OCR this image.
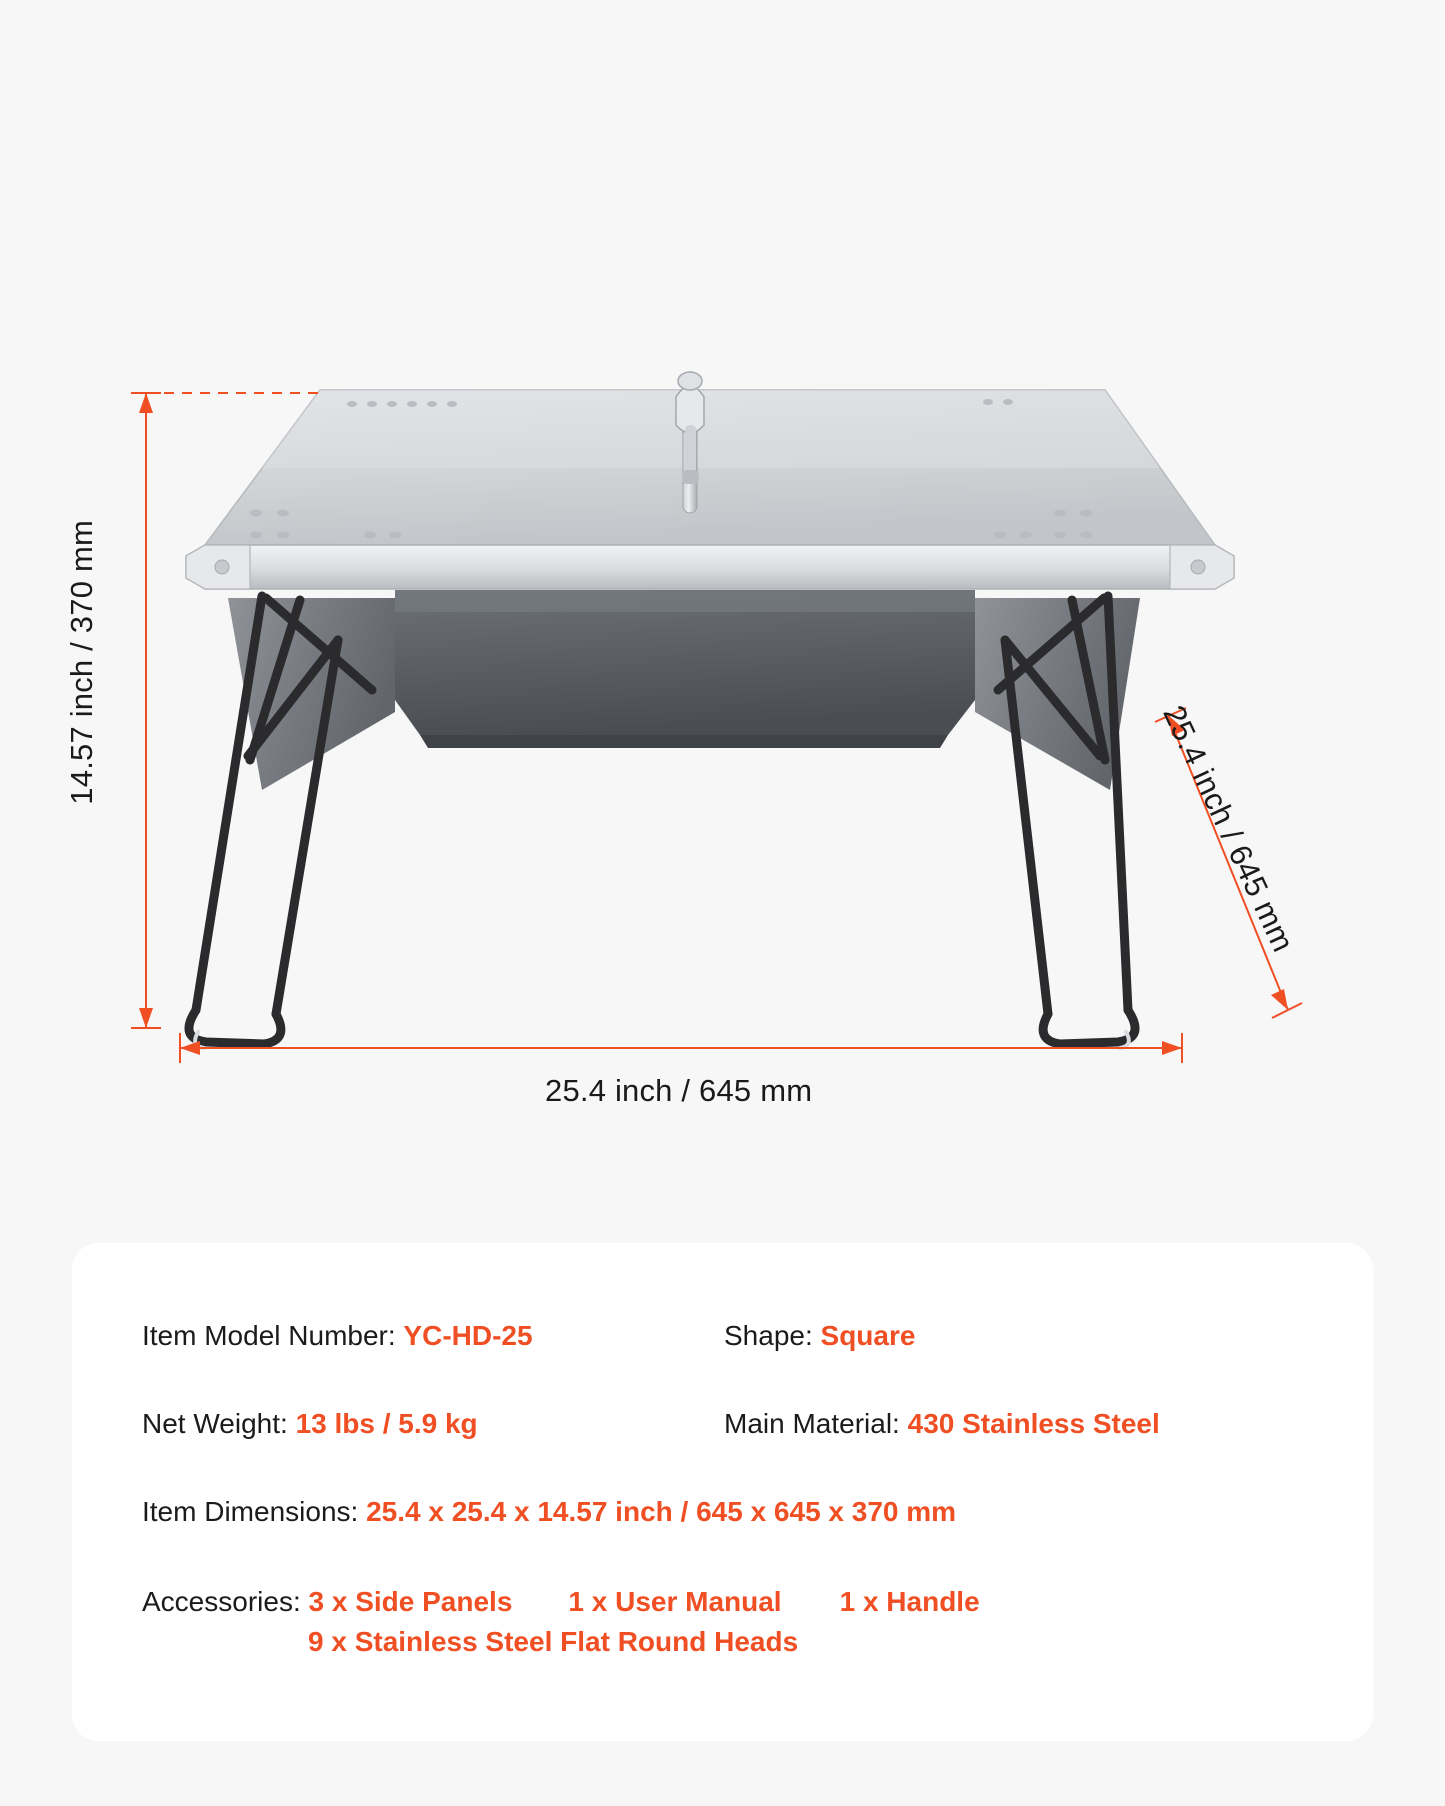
14.57 inch / 370 mm
25.4 inch / 645 mm
25.4 inch / 645 mm
Item Model Number: YC-HD-25	Shape: Square
Net Weight: 13 lbs / 5.9 kg	Main Material: 430 Stainless Steel
Item Dimensions: 25.4 x 25.4 x 14.57 inch / 645 x 645 x 370 mm
Accessories: 3 x Side Panels 1 x User Manual 1 x Handle
9 x Stainless Steel Flat Round Heads
